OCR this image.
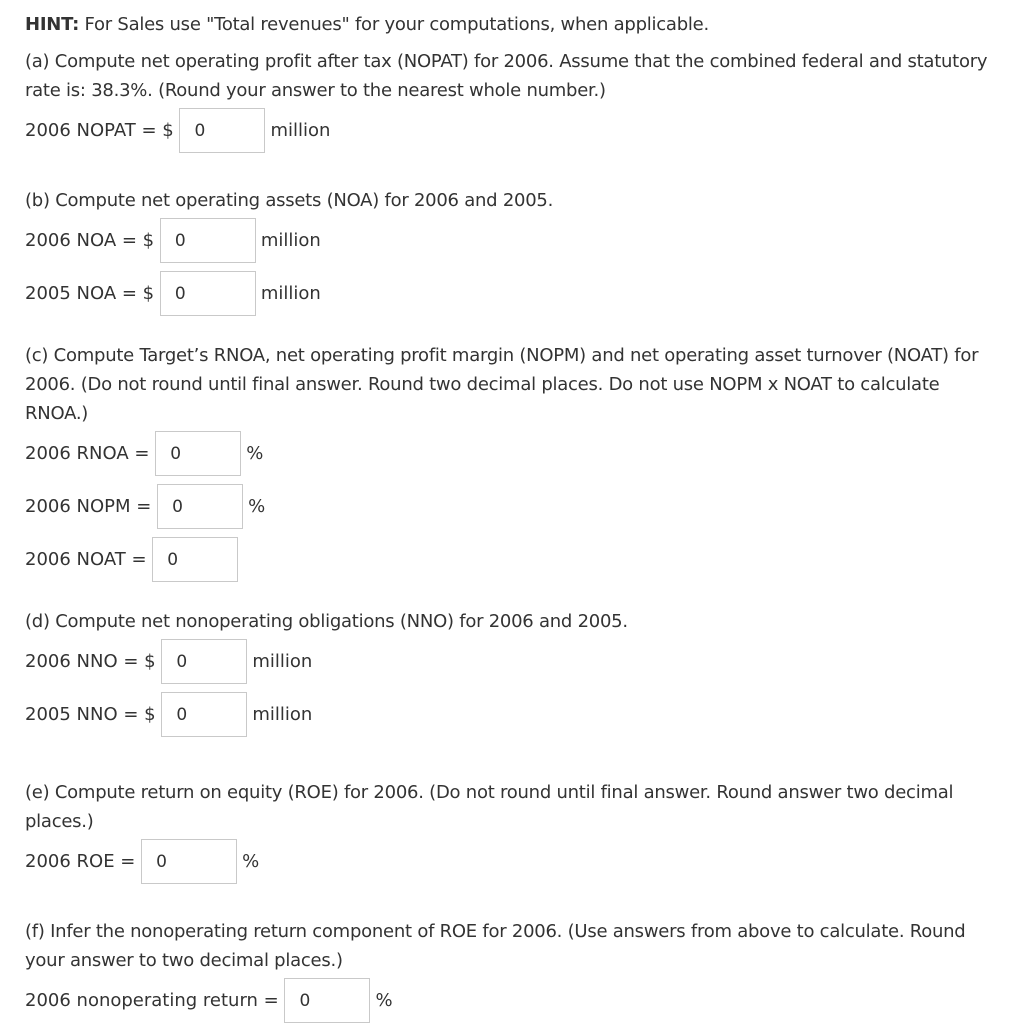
HINT: For Sales use "Total revenues" for your computations, when applicable.

(a) Compute net operating profit after tax (NOPAT) for 2006. Assume that the combined federal and statutory rate is: 38.3%. (Round your answer to the nearest whole number.)

2006 NOPAT = $
0	million

(b) Compute net operating assets (NOA) for 2006 and 2005.

2006 NOA = $
0	million
2005 NOA = $
0	million

(c) Compute Target’s RNOA, net operating profit margin (NOPM) and net operating asset turnover (NOAT) for 2006. (Do not round until final answer. Round two decimal places. Do not use NOPM x NOAT to calculate RNOA.)

2006 RNOA =
0	%
2006 NOPM =
0	%
2006 NOAT =
0

(d) Compute net nonoperating obligations (NNO) for 2006 and 2005.

2006 NNO = $
0	million
2005 NNO = $
0	million

(e) Compute return on equity (ROE) for 2006. (Do not round until final answer. Round answer two decimal places.)

2006 ROE =
0	%

(f) Infer the nonoperating return component of ROE for 2006. (Use answers from above to calculate. Round your answer to two decimal places.)

2006 nonoperating return =
0	%
